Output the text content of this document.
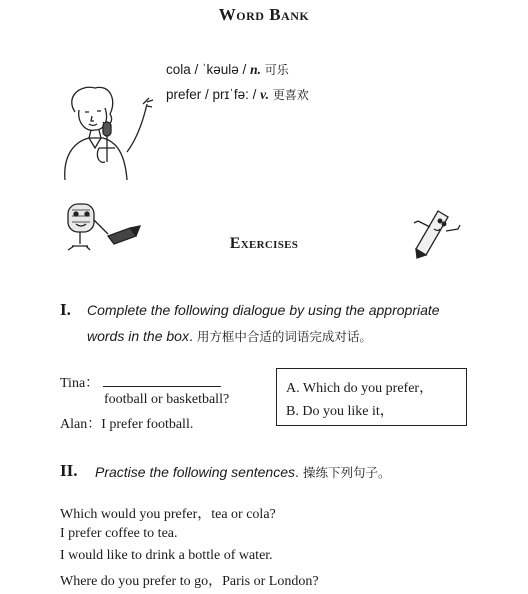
Word Bank
cola / ˈkəulə / n. 可乐
prefer / prɪˈfə: / v. 更喜欢
Exercises
I. Complete the following dialogue by using the appropriate
words in the box. 用方框中合适的词语完成对话。
Tina：
football or basketball?
Alan：I prefer football.
A. Which do you prefer，
B. Do you like it，
II. Practise the following sentences. 操练下列句子。
Which would you prefer，tea or cola?
I prefer coffee to tea.
I would like to drink a bottle of water.
Where do you prefer to go，Paris or London?
